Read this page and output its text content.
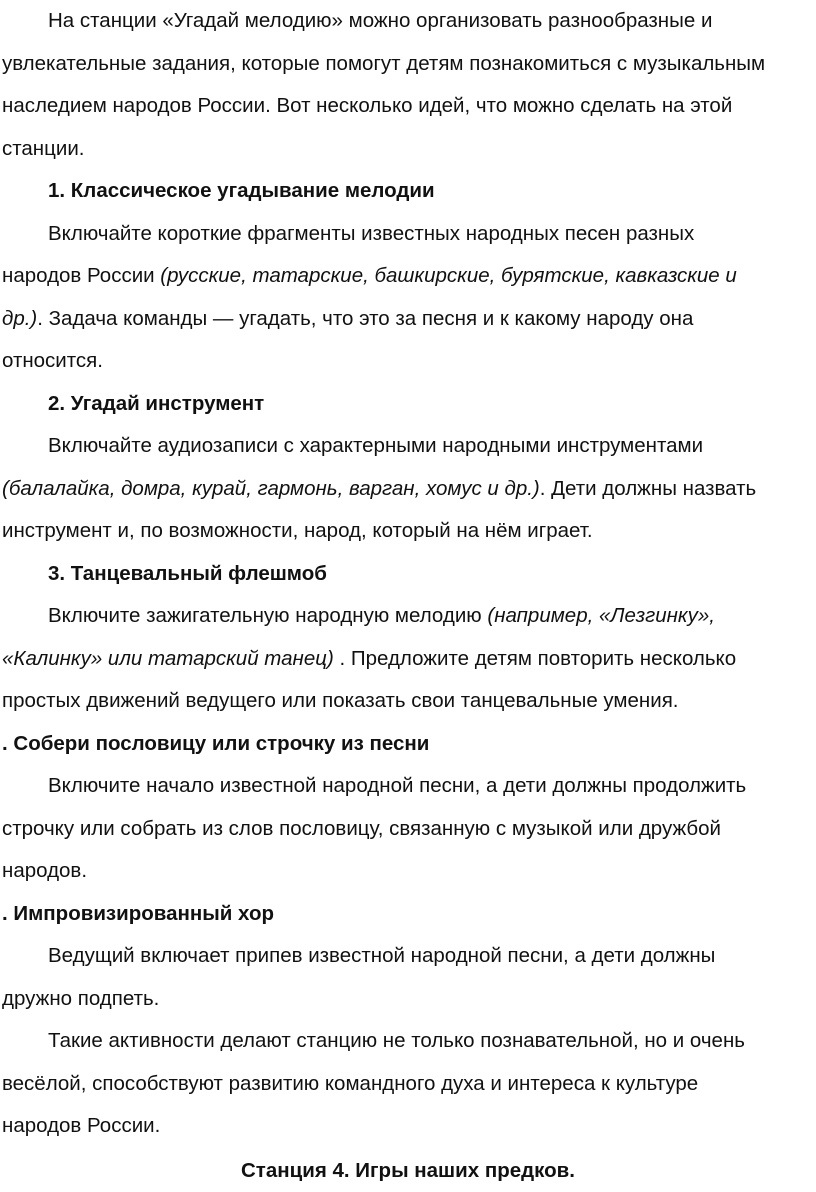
На станции «Угадай мелодию» можно организовать разнообразные и
увлекательные задания, которые помогут детям познакомиться с музыкальным
наследием народов России. Вот несколько идей, что можно сделать на этой
станции.
1. Классическое угадывание мелодии
Включайте короткие фрагменты известных народных песен разных
народов России (русские, татарские, башкирские, бурятские, кавказские и
др.). Задача команды — угадать, что это за песня и к какому народу она
относится.
2. Угадай инструмент
Включайте аудиозаписи с характерными народными инструментами
(балалайка, домра, курай, гармонь, варган, хомус и др.). Дети должны назвать
инструмент и, по возможности, народ, который на нём играет.
3. Танцевальный флешмоб
Включите зажигательную народную мелодию (например, «Лезгинку»,
«Калинку» или татарский танец) . Предложите детям повторить несколько
простых движений ведущего или показать свои танцевальные умения.
. Собери пословицу или строчку из песни
Включите начало известной народной песни, а дети должны продолжить
строчку или собрать из слов пословицу, связанную с музыкой или дружбой
народов.
. Импровизированный хор
Ведущий включает припев известной народной песни, а дети должны
дружно подпеть.
Такие активности делают станцию не только познавательной, но и очень
весёлой, способствуют развитию командного духа и интереса к культуре
народов России.
Станция 4. Игры наших предков.
